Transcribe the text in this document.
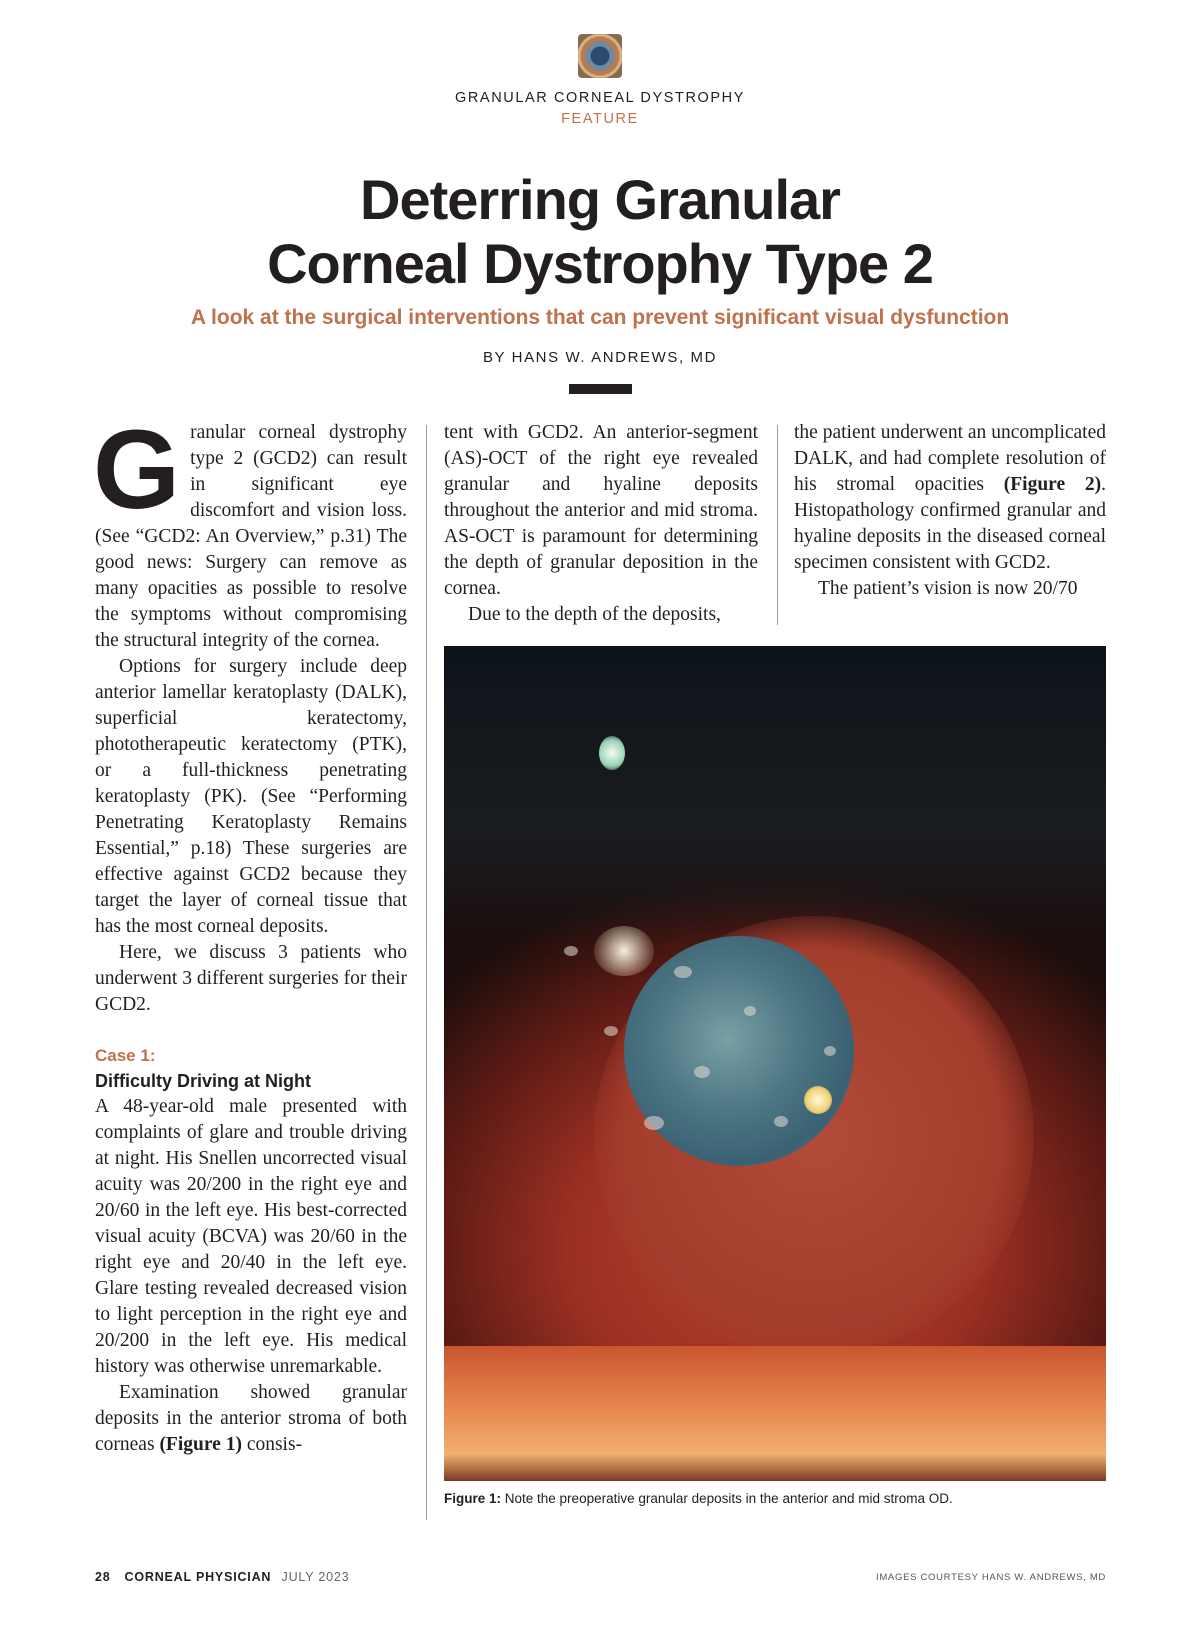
GRANULAR CORNEAL DYSTROPHY
FEATURE
Deterring Granular
Corneal Dystrophy Type 2
A look at the surgical interventions that can prevent significant visual dysfunction
BY HANS W. ANDREWS, MD

Granular corneal dystrophy type 2 (GCD2) can result in significant eye discomfort and vision loss. (See “GCD2: An Overview,” p.31) The good news: Surgery can remove as many opacities as possible to resolve the symptoms without compromising the structural integrity of the cornea.

Options for surgery include deep anterior lamellar keratoplasty (DALK), superficial keratectomy, phototherapeutic keratectomy (PTK), or a full-thickness penetrating keratoplasty (PK). (See “Performing Penetrating Keratoplasty Remains Essential,” p.18) These surgeries are effective against GCD2 because they target the layer of corneal tissue that has the most corneal deposits.

Here, we discuss 3 patients who underwent 3 different surgeries for their GCD2.

Case 1:

Difficulty Driving at Night

A 48-year-old male presented with complaints of glare and trouble driving at night. His Snellen uncorrected visual acuity was 20/200 in the right eye and 20/60 in the left eye. His best-corrected visual acuity (BCVA) was 20/60 in the right eye and 20/40 in the left eye. Glare testing revealed decreased vision to light perception in the right eye and 20/200 in the left eye. His medical history was otherwise unremarkable.

Examination showed granular deposits in the anterior stroma of both corneas (Figure 1) consis-

tent with GCD2. An anterior-segment (AS)-OCT of the right eye revealed granular and hyaline deposits throughout the anterior and mid stroma. AS-OCT is paramount for determining the depth of granular deposition in the cornea.

Due to the depth of the deposits,

the patient underwent an uncomplicated DALK, and had complete resolution of his stromal opacities (Figure 2). Histopathology confirmed granular and hyaline deposits in the diseased corneal specimen consistent with GCD2.

The patient’s vision is now 20/70

Figure 1: Note the preoperative granular deposits in the anterior and mid stroma OD.
28 CORNEAL PHYSICIAN JULY 2023	IMAGES COURTESY HANS W. ANDREWS, MD
